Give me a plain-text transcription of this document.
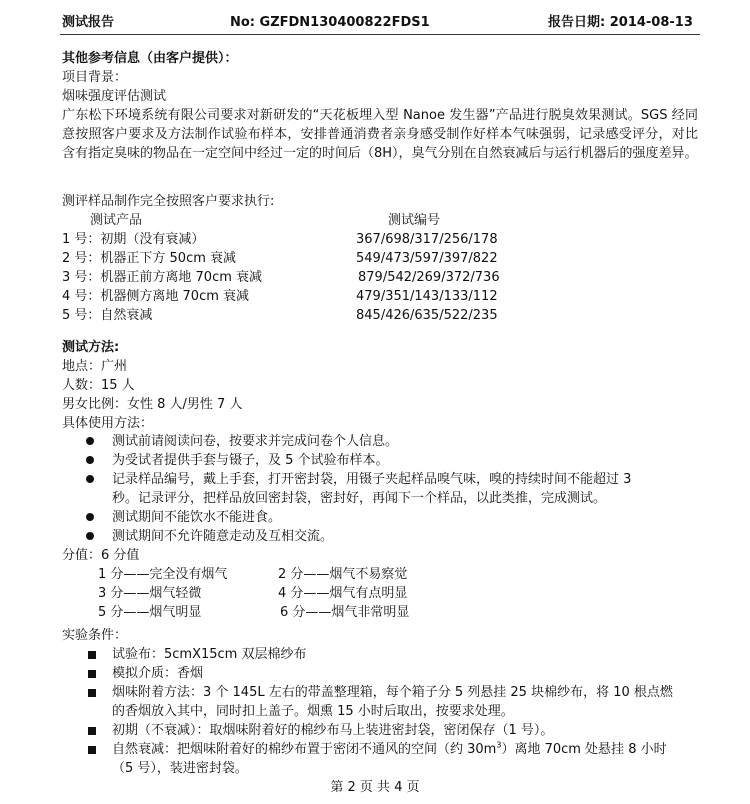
测试报告	No: GZFDN130400822FDS1	报告日期: 2014-08-13
其他参考信息（由客户提供）：
项目背景：
烟味强度评估测试
广东松下环境系统有限公司要求对新研发的“天花板埋入型 Nanoe 发生器”产品进行脱臭效果测试。SGS 经同意按照客户要求及方法制作试验布样本，安排普通消费者亲身感受制作好样本气味强弱，记录感受评分，对比含有指定臭味的物品在一定空间中经过一定的时间后（8H），臭气分别在自然衰减后与运行机器后的强度差异。
测评样品制作完全按照客户要求执行:
测试产品	测试编号
1 号：初期（没有衰减）	367/698/317/256/178
2 号：机器正下方 50cm 衰减	549/473/597/397/822
3 号：机器正前方离地 70cm 衰减	879/542/269/372/736
4 号：机器侧方离地 70cm 衰减	479/351/143/133/112
5 号：自然衰减	845/426/635/522/235
测试方法:
地点：广州
人数：15 人
男女比例：女性 8 人/男性 7 人
具体使用方法：
测试前请阅读问卷，按要求并完成问卷个人信息。
为受试者提供手套与镊子，及 5 个试验布样本。
记录样品编号，戴上手套，打开密封袋，用镊子夹起样品嗅气味，嗅的持续时间不能超过 3
秒。记录评分，把样品放回密封袋，密封好，再闻下一个样品，以此类推，完成测试。
测试期间不能饮水不能进食。
测试期间不允许随意走动及互相交流。
分值：6 分值
1 分——完全没有烟气	2 分——烟气不易察觉
3 分——烟气轻微	4 分——烟气有点明显
5 分——烟气明显	6 分——烟气非常明显
实验条件：
试验布：5cmX15cm 双层棉纱布
模拟介质：香烟
烟味附着方法：3 个 145L 左右的带盖整理箱，每个箱子分 5 列悬挂 25 块棉纱布，将 10 根点燃
的香烟放入其中，同时扣上盖子。烟熏 15 小时后取出，按要求处理。
初期（不衰减）：取烟味附着好的棉纱布马上装进密封袋，密闭保存（1 号）。
自然衰减：把烟味附着好的棉纱布置于密闭不通风的空间（约 $30m^3$）离地 70cm 处悬挂 8 小时
（5 号），装进密封袋。
第 2 页 共 4 页
